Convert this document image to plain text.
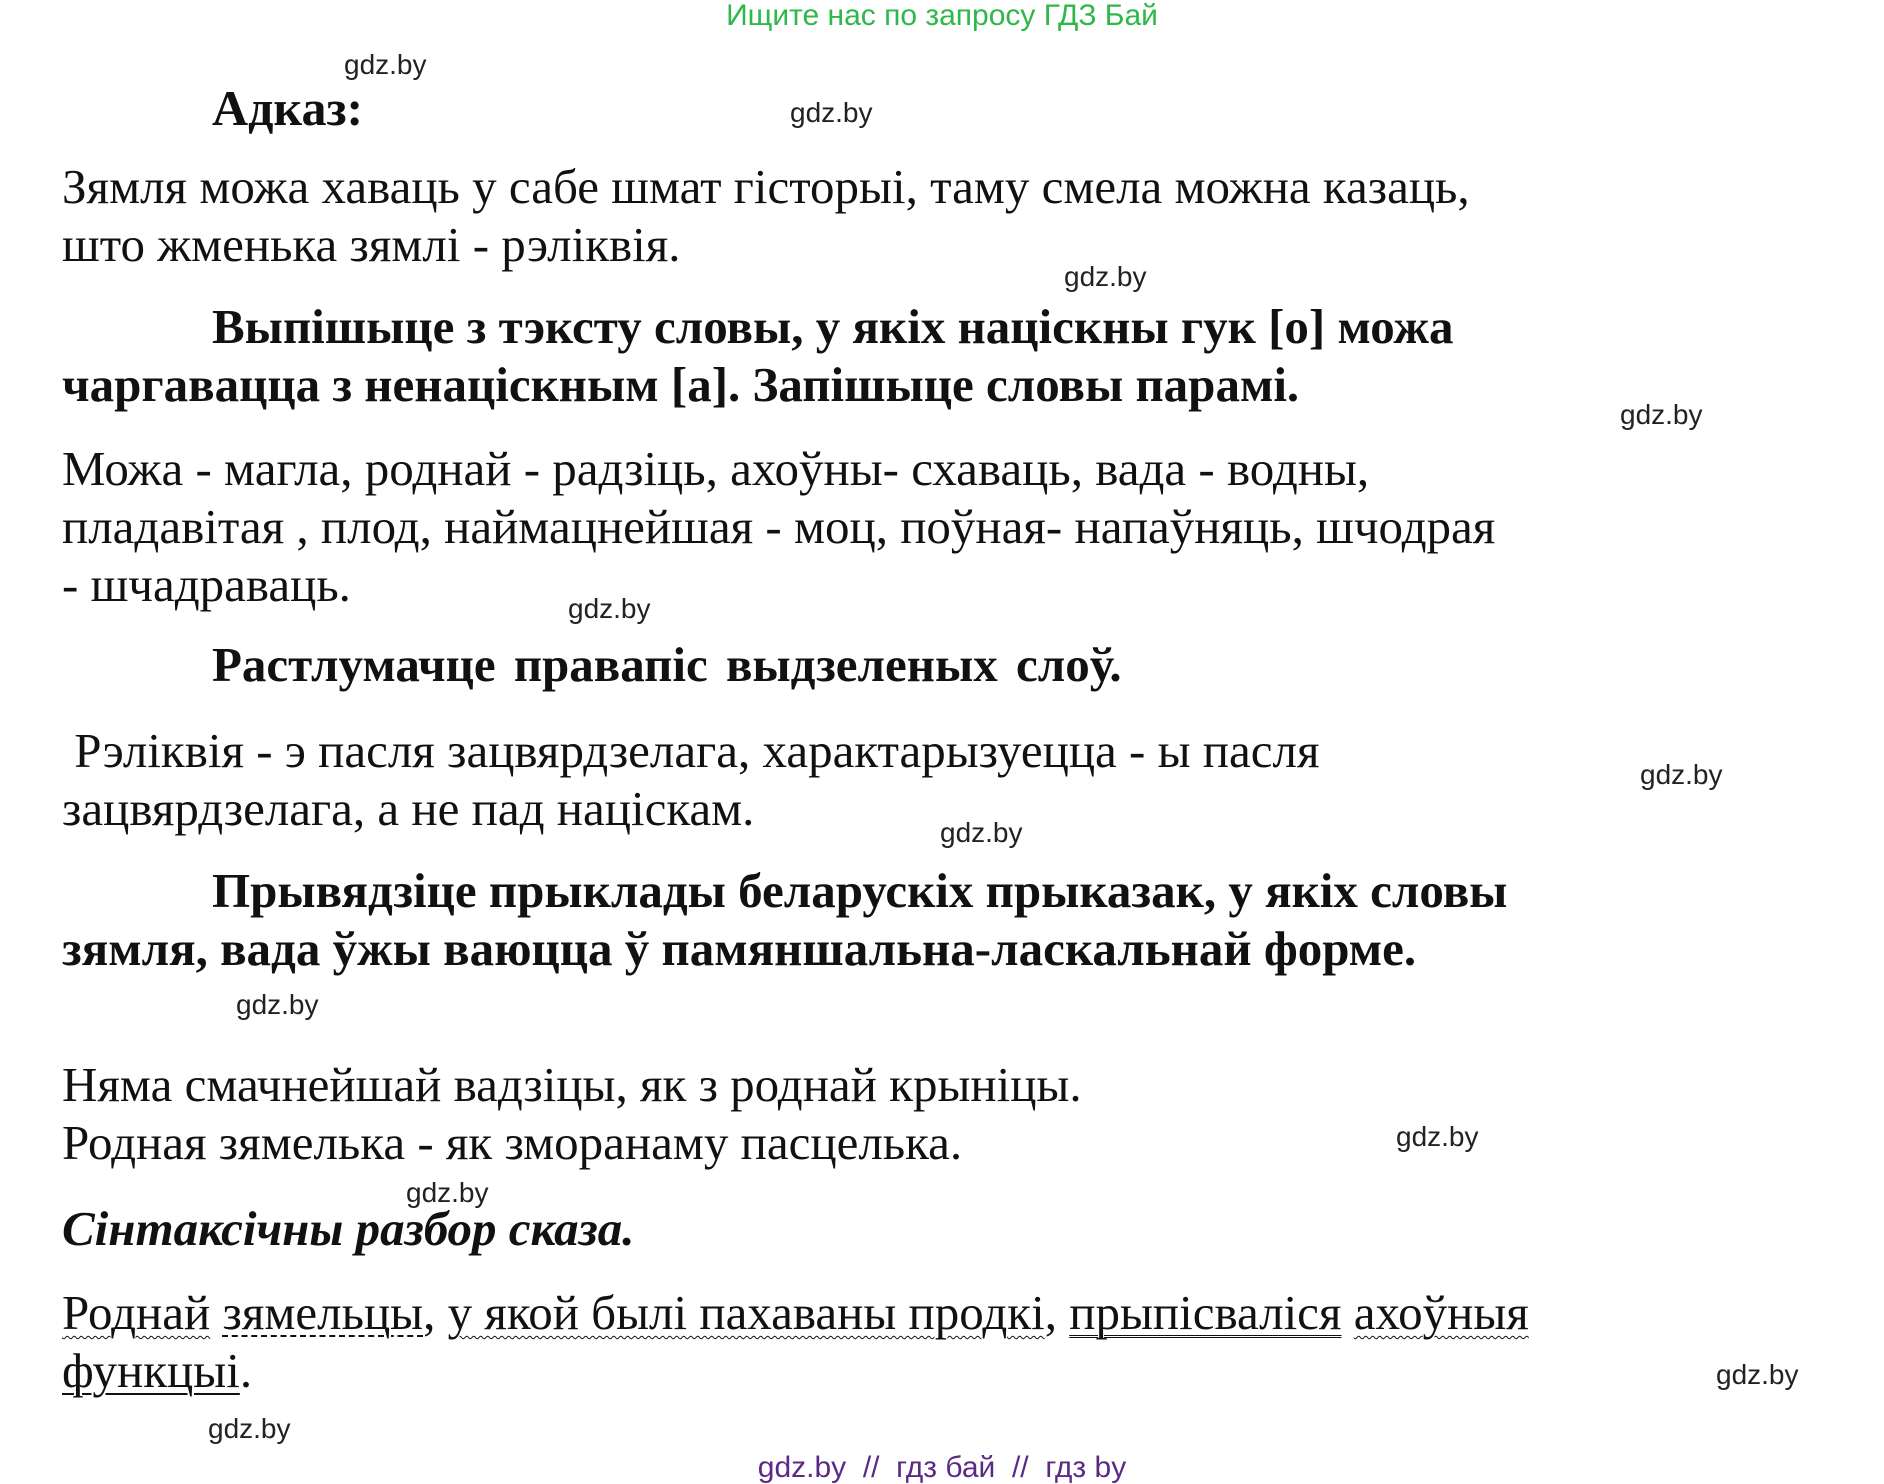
Ищите нас по запросу ГДЗ Бай
gdz.by
gdz.by
gdz.by
gdz.by
gdz.by
gdz.by
gdz.by
gdz.by
gdz.by
gdz.by
gdz.by
gdz.by
Адказ:
Зямля можа хаваць у сабе шмат гісторыі, таму смела можна казаць,
што жменька зямлі - рэліквія.
Выпішыце з тэксту словы, у якіх націскны гук [о] можа
чаргавацца з ненаціскным [а]. Запішыце словы парамі.
Можа - магла, роднай - радзіць, ахоўны- схаваць, вада - водны,
пладавітая , плод, наймацнейшая - моц, поўная- напаўняць, шчодрая
- шчадраваць.
Растлумачце правапіс выдзеленых слоў.
Рэліквія - э пасля зацвярдзелага, характарызуецца - ы пасля
зацвярдзелага, а не пад націскам.
Прывядзіце прыклады беларускіх прыказак, у якіх словы
зямля, вада ўжы ваюцца ў памяншальна-ласкальнай форме.
Няма смачнейшай вадзіцы, як з роднай крыніцы.
Родная зямелька - як зморанаму пасцелька.
Сінтаксічны разбор сказа.
Роднай зямельцы, у якой былі пахаваны продкі, прыпісваліся ахоўныя
функцыі.
gdz.by  //  гдз бай  //  гдз by
